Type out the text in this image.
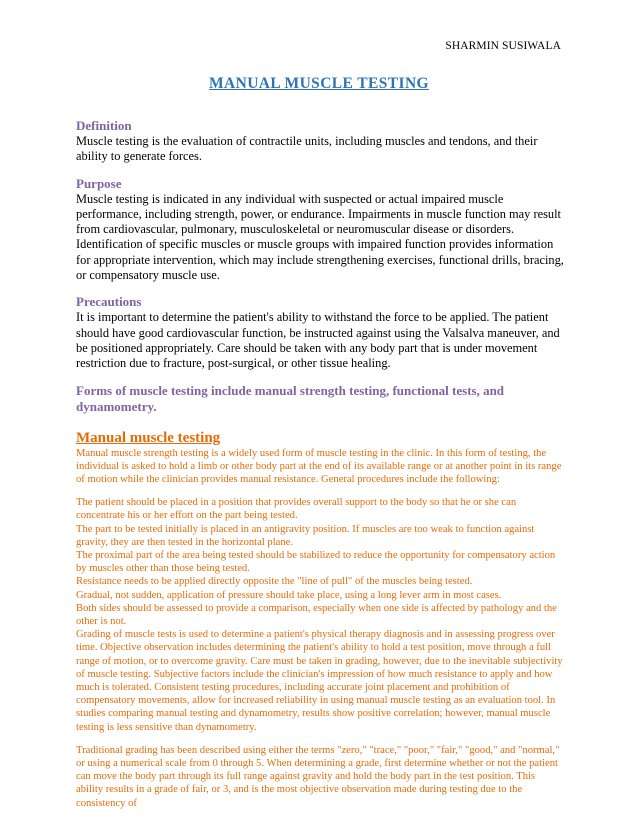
SHARMIN SUSIWALA
MANUAL MUSCLE TESTING

Definition

Muscle testing is the evaluation of contractile units, including muscles and tendons, and their ability to generate forces.

Purpose

Muscle testing is indicated in any individual with suspected or actual impaired muscle performance, including strength, power, or endurance. Impairments in muscle function may result from cardiovascular, pulmonary, musculoskeletal or neuromuscular disease or disorders. Identification of specific muscles or muscle groups with impaired function provides information for appropriate intervention, which may include strengthening exercises, functional drills, bracing, or compensatory muscle use.

Precautions

It is important to determine the patient's ability to withstand the force to be applied. The patient should have good cardiovascular function, be instructed against using the Valsalva maneuver, and be positioned appropriately. Care should be taken with any body part that is under movement restriction due to fracture, post-surgical, or other tissue healing.

Forms of muscle testing include manual strength testing, functional tests, and dynamometry.

Manual muscle testing

Manual muscle strength testing is a widely used form of muscle testing in the clinic. In this form of testing, the individual is asked to hold a limb or other body part at the end of its available range or at another point in its range of motion while the clinician provides manual resistance. General procedures include the following:

The patient should be placed in a position that provides overall support to the body so that he or she can concentrate his or her effort on the part being tested.

The part to be tested initially is placed in an antigravity position. If muscles are too weak to function against gravity, they are then tested in the horizontal plane.

The proximal part of the area being tested should be stabilized to reduce the opportunity for compensatory action by muscles other than those being tested.

Resistance needs to be applied directly opposite the "line of pull" of the muscles being tested.

Gradual, not sudden, application of pressure should take place, using a long lever arm in most cases.

Both sides should be assessed to provide a comparison, especially when one side is affected by pathology and the other is not.

Grading of muscle tests is used to determine a patient's physical therapy diagnosis and in assessing progress over time. Objective observation includes determining the patient's ability to hold a test position, move through a full range of motion, or to overcome gravity. Care must be taken in grading, however, due to the inevitable subjectivity of muscle testing. Subjective factors include the clinician's impression of how much resistance to apply and how much is tolerated. Consistent testing procedures, including accurate joint placement and prohibition of compensatory movements, allow for increased reliability in using manual muscle testing as an evaluation tool. In studies comparing manual testing and dynamometry, results show positive correlation; however, manual muscle testing is less sensitive than dynamometry.

Traditional grading has been described using either the terms "zero," "trace," "poor," "fair," "good," and "normal," or using a numerical scale from 0 through 5. When determining a grade, first determine whether or not the patient can move the body part through its full range against gravity and hold the body part in the test position. This ability results in a grade of fair, or 3, and is the most objective observation made during testing due to the consistency of
